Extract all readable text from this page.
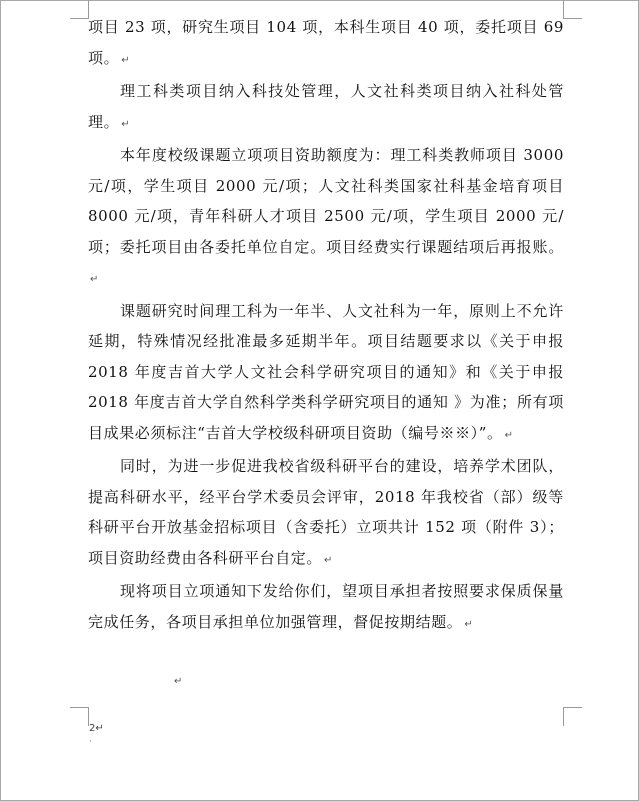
项目 23 项，研究生项目 104 项，本科生项目 40 项，委托项目 69 项。 ↵

理工科类项目纳入科技处管理，人文社科类项目纳入社科处管理。 ↵

本年度校级课题立项项目资助额度为：理工科类教师项目 3000 元/项，学生项目 2000 元/项；人文社科类国家社科基金培育项目 8000 元/项，青年科研人才项目 2500 元/项，学生项目 2000 元/项；委托项目由各委托单位自定。项目经费实行课题结项后再报账。↵

课题研究时间理工科为一年半、人文社科为一年，原则上不允许延期，特殊情况经批准最多延期半年。项目结题要求以《关于申报 2018 年度吉首大学人文社会科学研究项目的通知》和《关于申报 2018 年度吉首大学自然科学类科学研究项目的通知 》为准；所有项目成果必须标注“吉首大学校级科研项目资助（编号※※）”。 ↵

同时，为进一步促进我校省级科研平台的建设，培养学术团队，提高科研水平，经平台学术委员会评审，2018 年我校省（部）级等科研平台开放基金招标项目（含委托）立项共计 152 项（附件 3）；项目资助经费由各科研平台自定。 ↵

现将项目立项通知下发给你们，望项目承担者按照要求保质保量完成任务，各项目承担单位加强管理，督促按期结题。 ↵

↵
2↵
·
